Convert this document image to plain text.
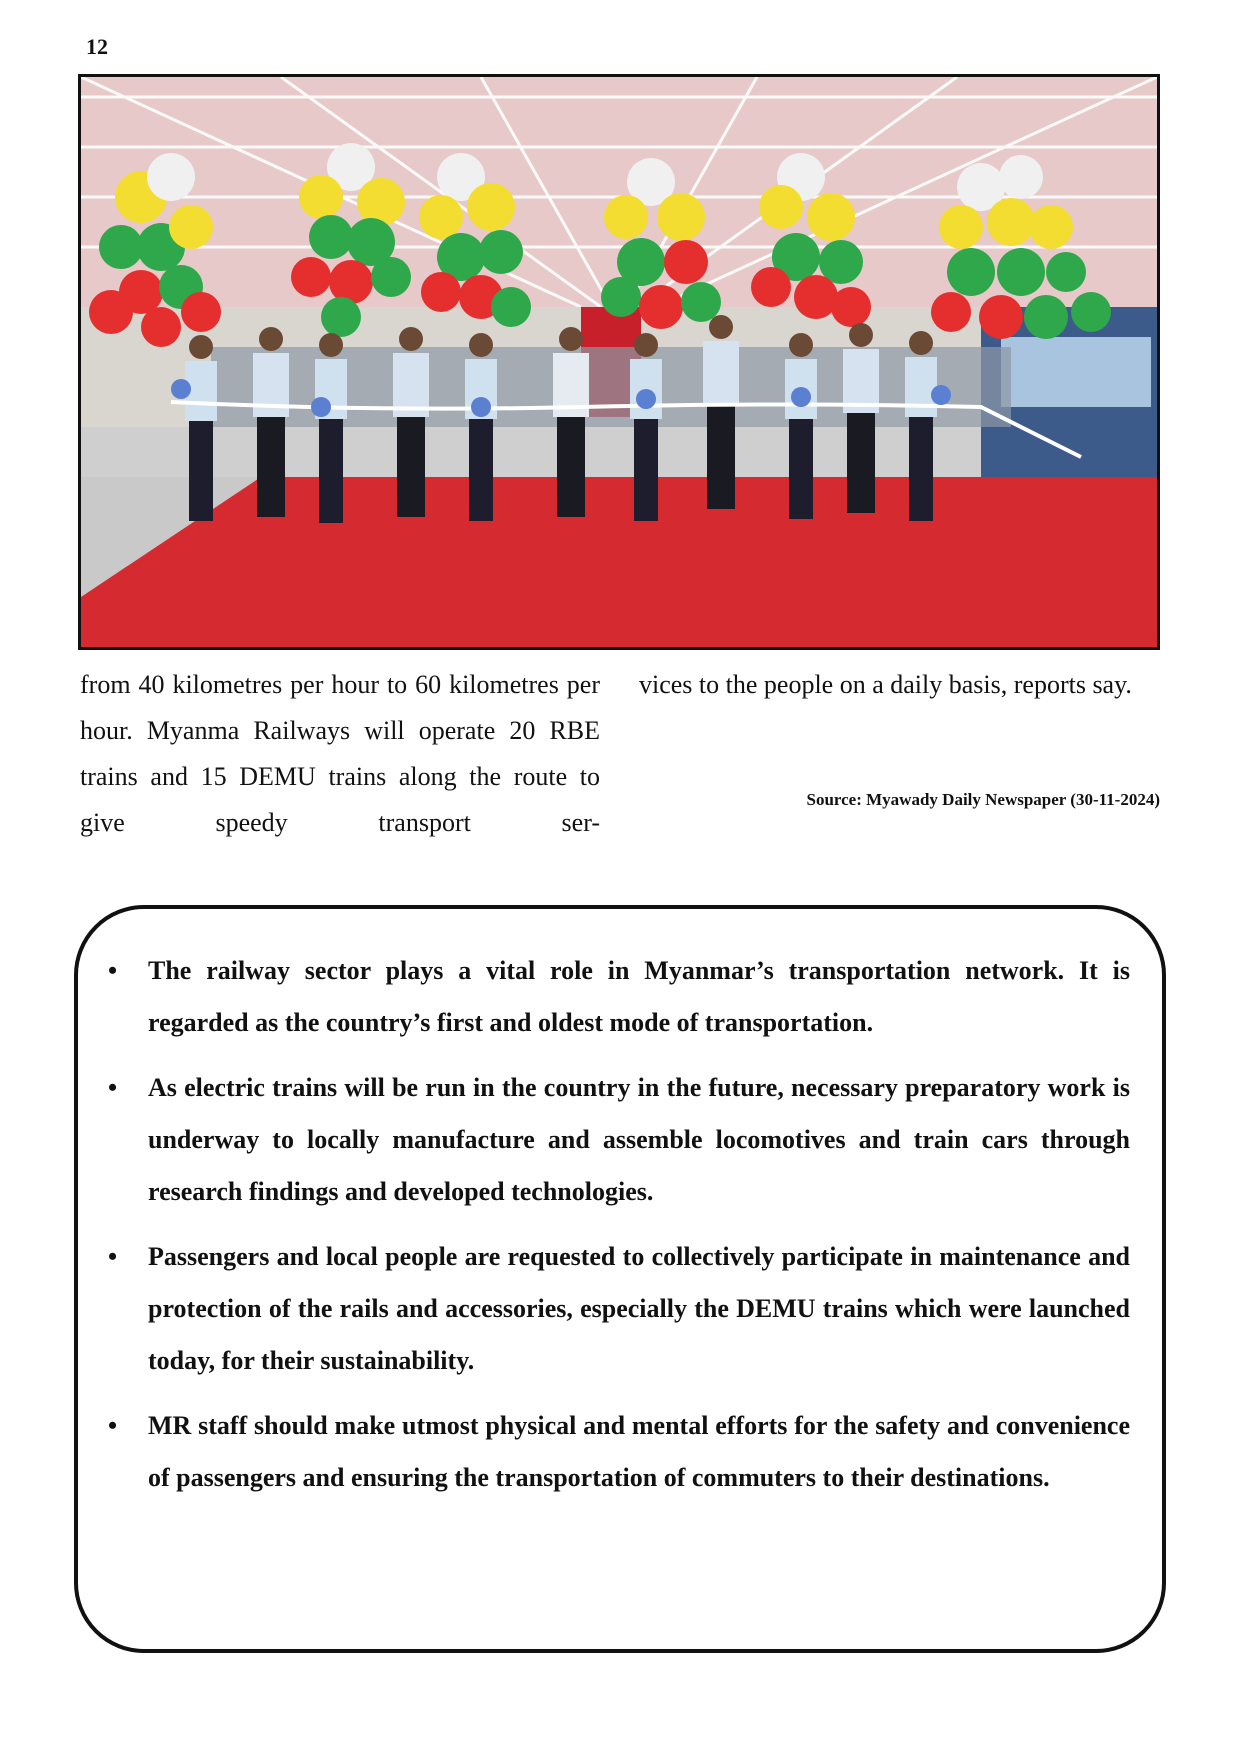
12
from 40 kilometres per hour to 60 kilometres per hour. Myanma Railways will operate 20 RBE trains and 15 DEMU trains along the route to give speedy transport ser-
vices to the people on a daily basis, reports say.
Source: Myawady Daily Newspaper (30-11-2024)
• The railway sector plays a vital role in Myanmar’s transportation network. It is regarded as the country’s first and oldest mode of transportation.
• As electric trains will be run in the country in the future, necessary preparatory work is underway to locally manufacture and assemble locomotives and train cars through research findings and developed technologies.
• Passengers and local people are requested to collectively participate in maintenance and protection of the rails and accessories, especially the DEMU trains which were launched today, for their sustainability.
• MR staff should make utmost physical and mental efforts for the safety and convenience of passengers and ensuring the transportation of commuters to their destinations.
